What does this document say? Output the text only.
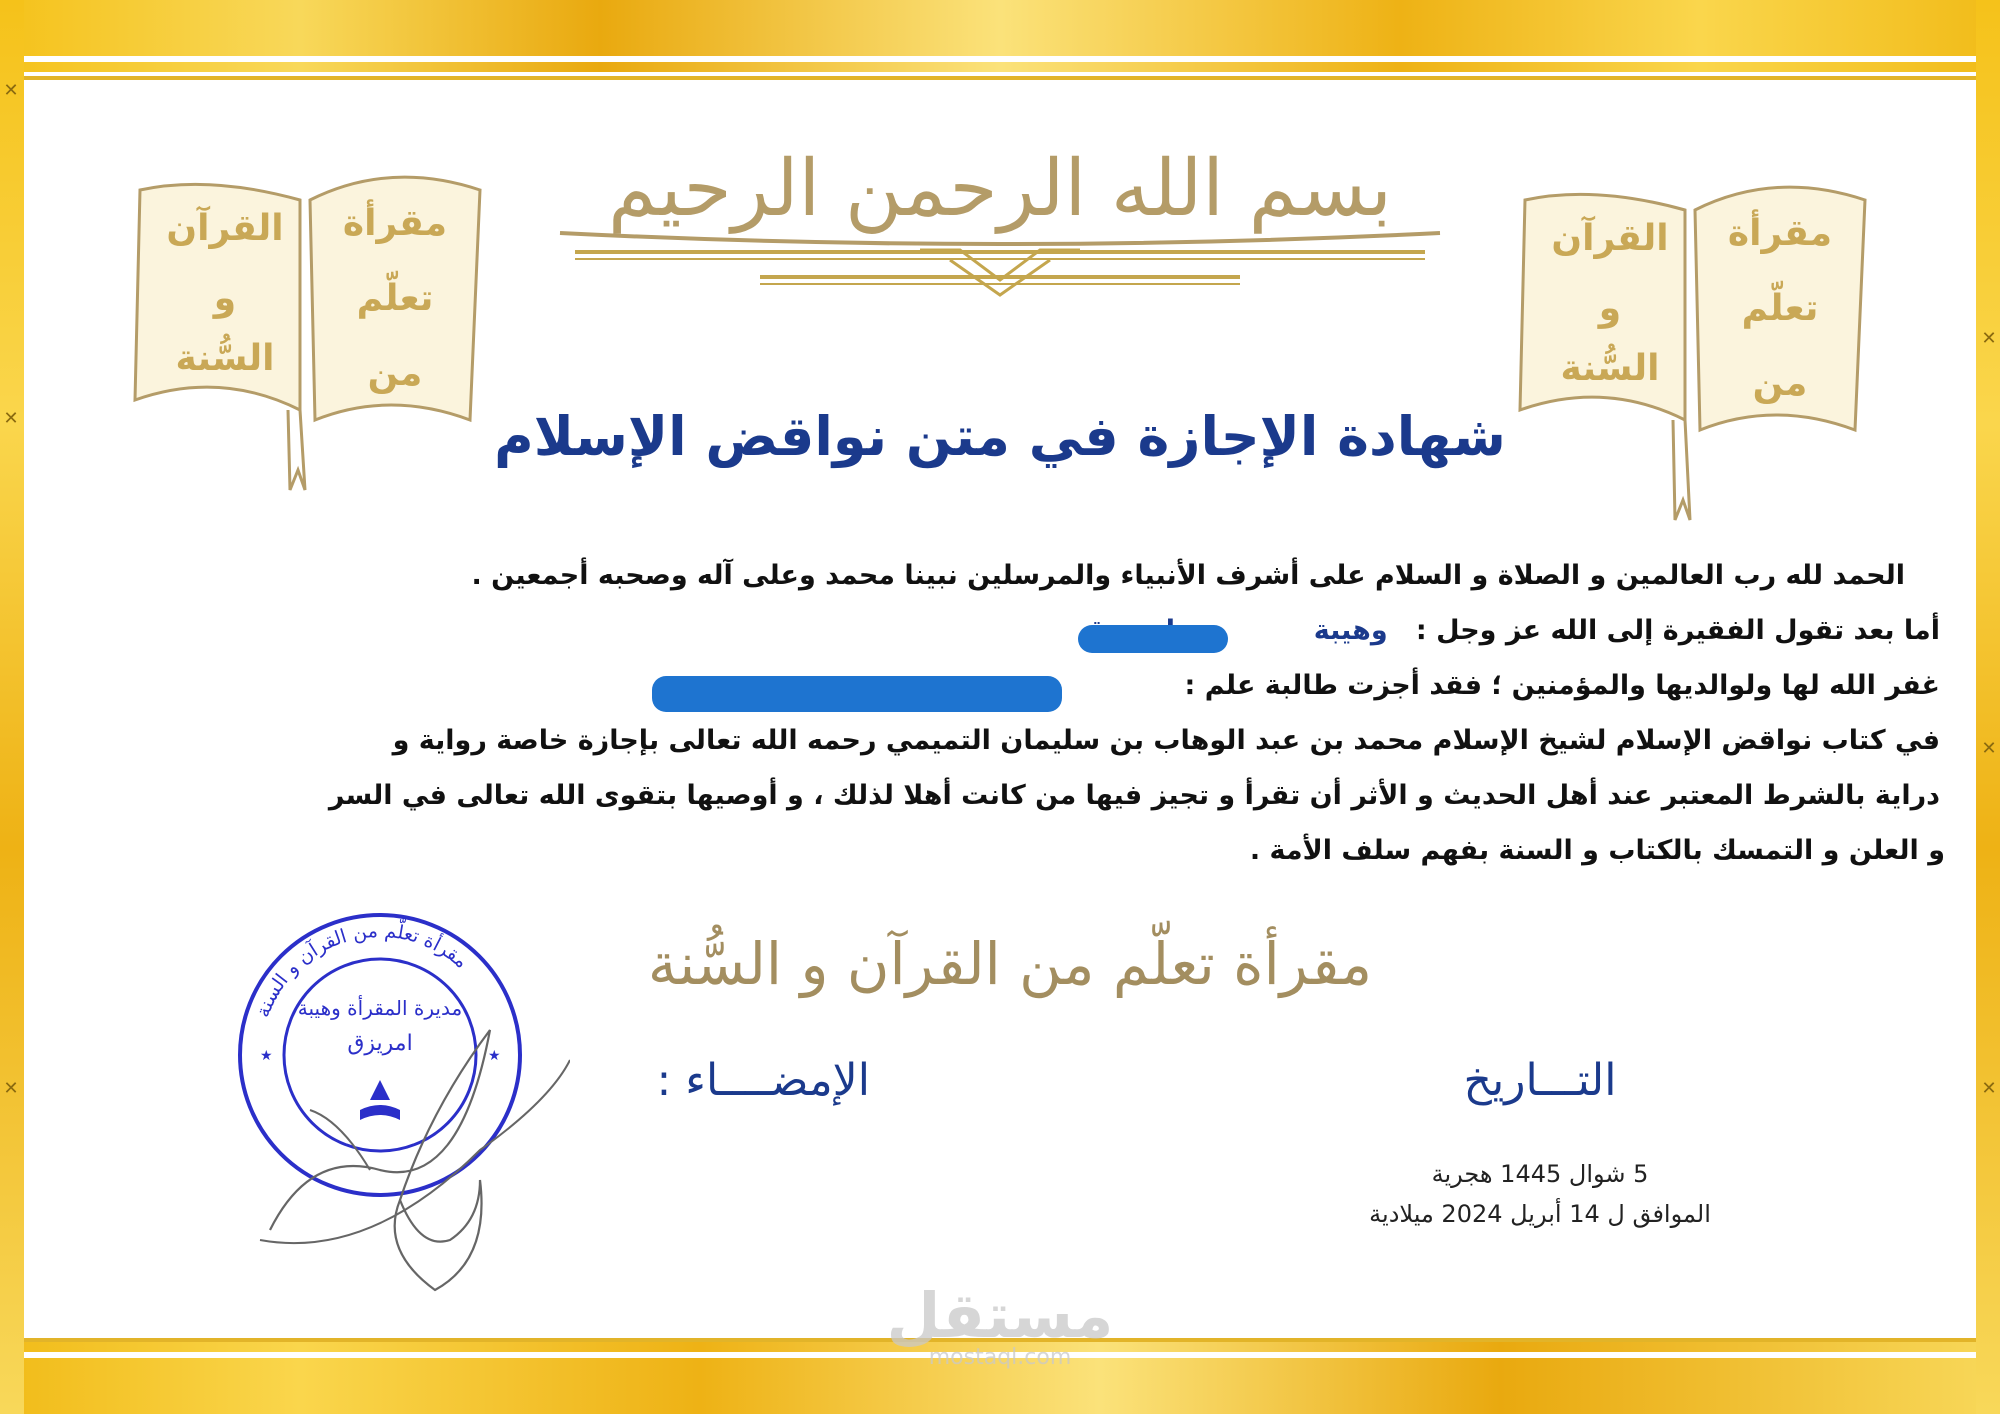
✕
✕
✕
✕
✕
✕
بسم الله الرحمن الرحيم
القرآن
و
السُّنة
مقرأة
تعلّم
من
القرآن
و
السُّنة
مقرأة
تعلّم
من
شهادة الإجازة في متن نواقض الإسلام
الحمد لله رب العالمين و الصلاة و السلام على أشرف الأنبياء والمرسلين نبينا محمد وعلى آله وصحبه أجمعين .
أما بعد تقول الفقيرة إلى الله عز وجل :   وهيبة
غفر الله لها ولوالديها والمؤمنين ؛ فقد أجزت طالبة علم :
في كتاب نواقض الإسلام لشيخ الإسلام محمد بن عبد الوهاب بن سليمان التميمي رحمه الله تعالى بإجازة خاصة رواية و
دراية بالشرط المعتبر عند أهل الحديث و الأثر أن تقرأ و تجيز فيها من كانت أهلا لذلك ، و أوصيها بتقوى الله تعالى في السر
و العلن و التمسك بالكتاب و السنة بفهم سلف الأمة .
مقرأة تعلّم من القرآن و السُّنة
الإمضــــاء :	التـــاريخ
5 شوال 1445 هجرية
الموافق ل 14 أبريل 2024 ميلادية
مقرأة تعلّم من القرآن و السنة
مديرة المقرأة وهيبة
امريزق
★	★
مستقل
mostaql.com
